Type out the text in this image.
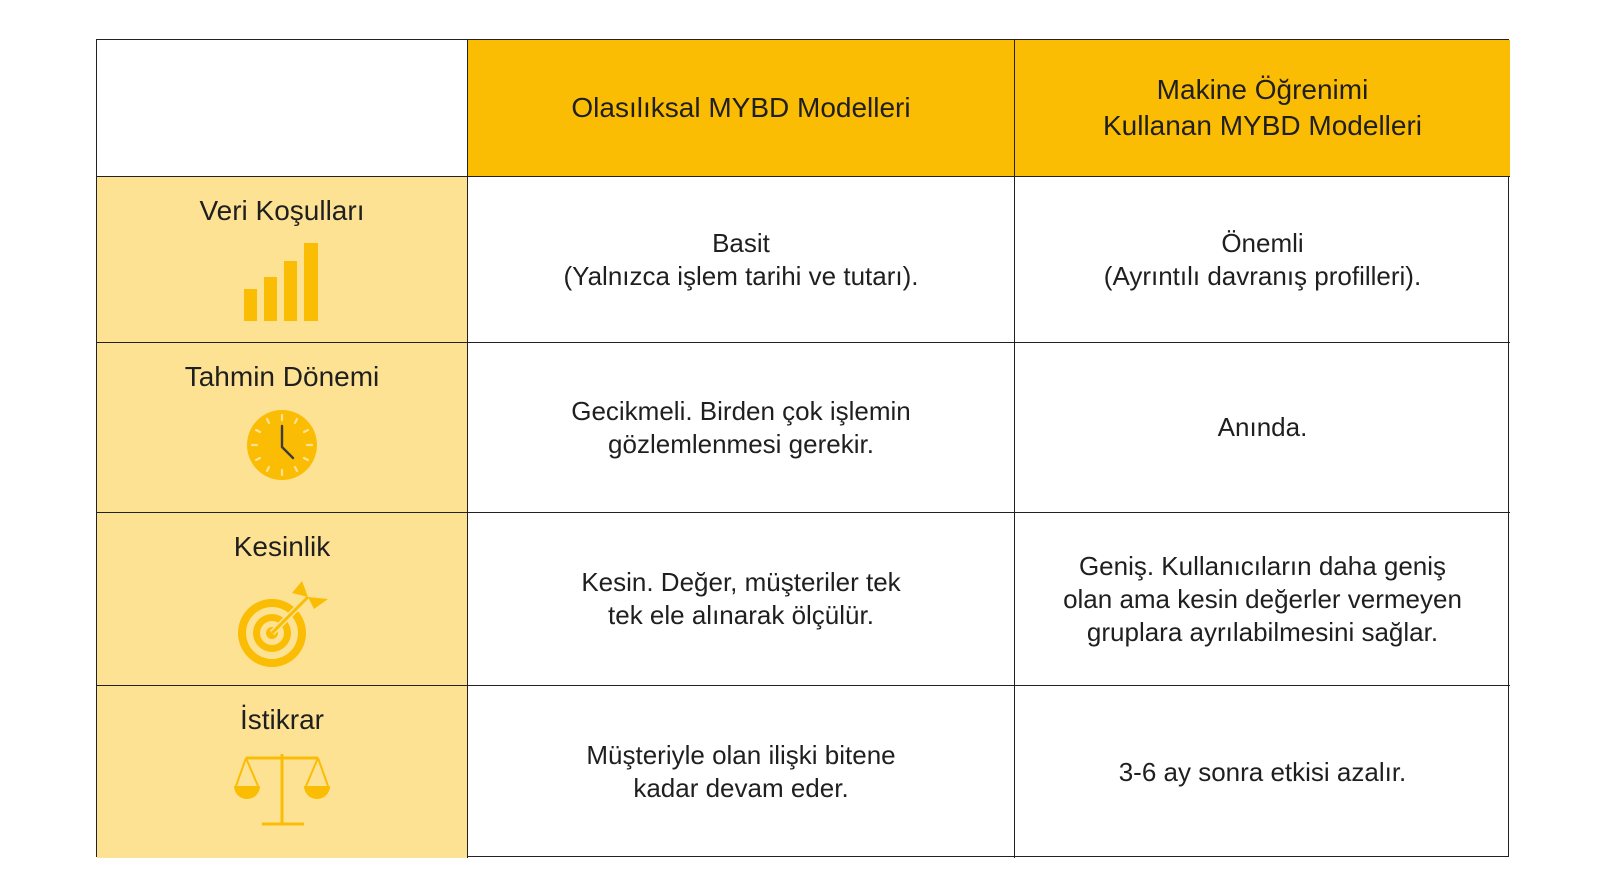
Olasılıksal MYBD Modelleri
Makine Öğrenimi
Kullanan MYBD Modelleri
Veri Koşulları
Basit
(Yalnızca işlem tarihi ve tutarı).
Önemli
(Ayrıntılı davranış profilleri).
Tahmin Dönemi
Gecikmeli. Birden çok işlemin
gözlemlenmesi gerekir.
Anında.
Kesinlik
Kesin. Değer, müşteriler tek
tek ele alınarak ölçülür.
Geniş. Kullanıcıların daha geniş
olan ama kesin değerler vermeyen
gruplara ayrılabilmesini sağlar.
İstikrar
Müşteriyle olan ilişki bitene
kadar devam eder.
3-6 ay sonra etkisi azalır.
